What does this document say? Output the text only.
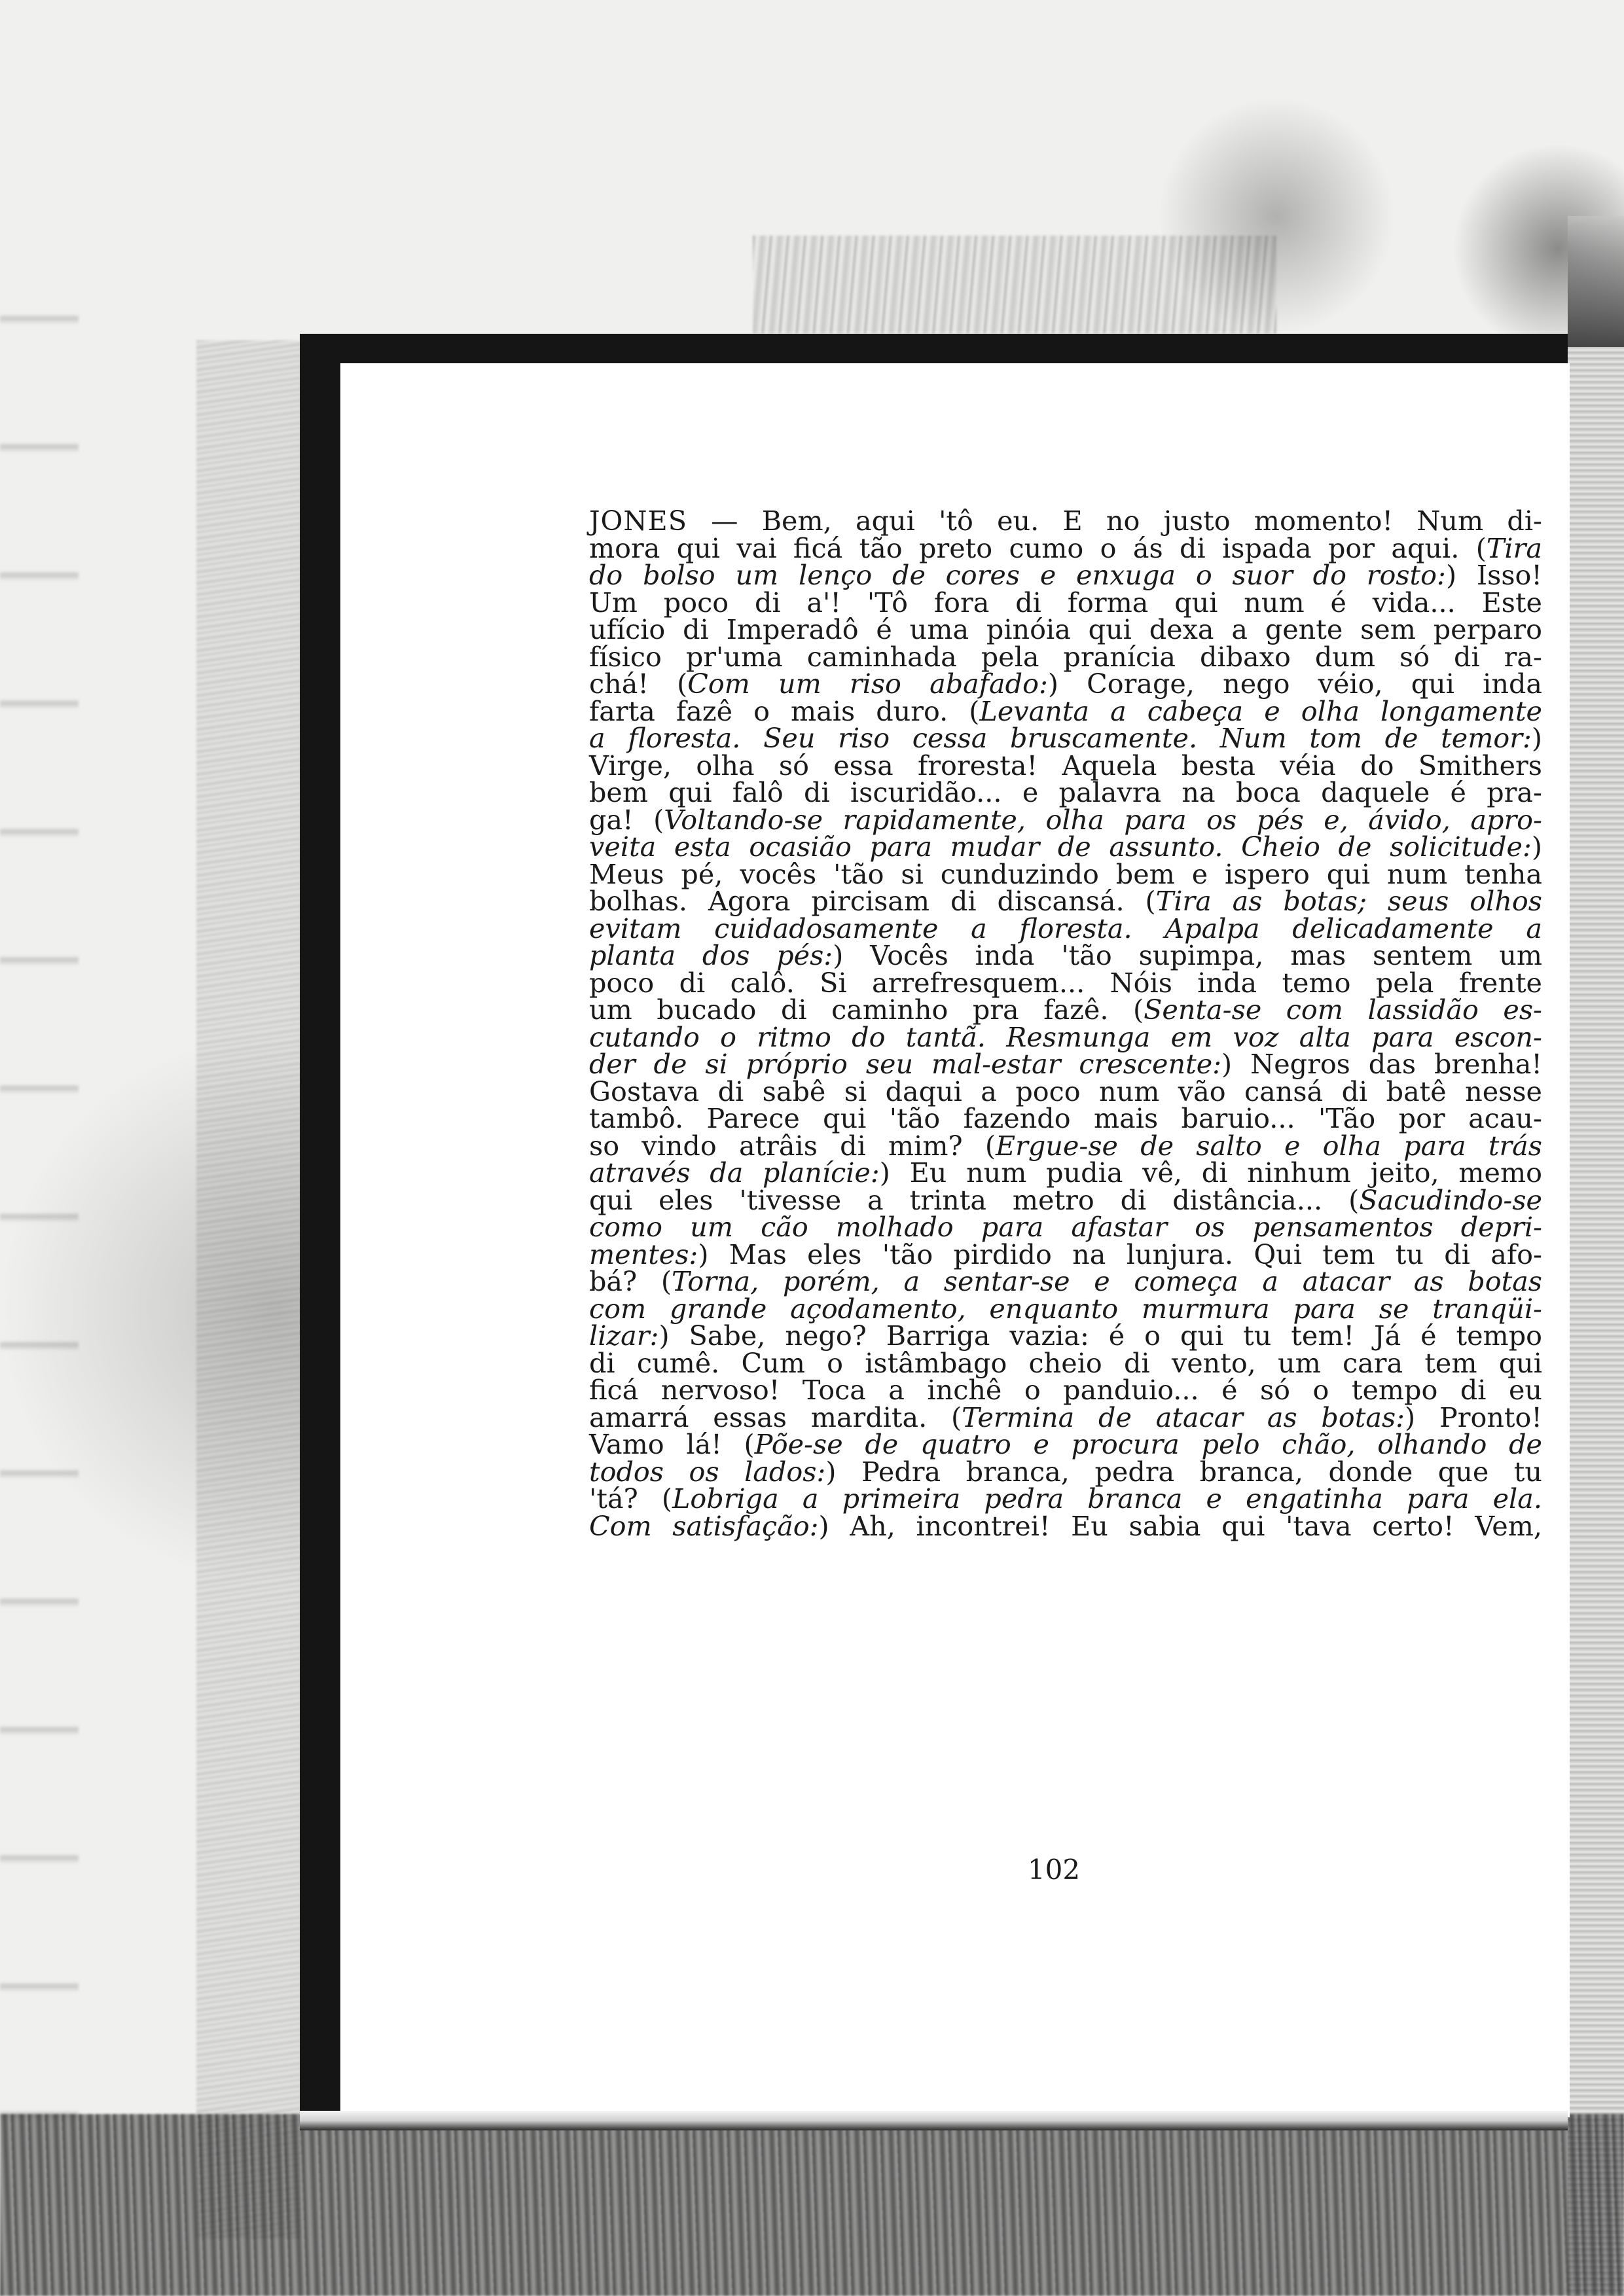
JONES — Bem, aqui 'tô eu. E no justo momento! Num di-
mora qui vai ficá tão preto cumo o ás di ispada por aqui. (Tira
do bolso um lenço de cores e enxuga o suor do rosto:) Isso!
Um poco di a'! 'Tô fora di forma qui num é vida... Este
ufício di Imperadô é uma pinóia qui dexa a gente sem perparo
físico pr'uma caminhada pela pranícia dibaxo dum só di ra-
chá! (Com um riso abafado:) Corage, nego véio, qui inda
farta fazê o mais duro. (Levanta a cabeça e olha longamente
a floresta. Seu riso cessa bruscamente. Num tom de temor:)
Virge, olha só essa froresta! Aquela besta véia do Smithers
bem qui falô di iscuridão... e palavra na boca daquele é pra-
ga! (Voltando-se rapidamente, olha para os pés e, ávido, apro-
veita esta ocasião para mudar de assunto. Cheio de solicitude:)
Meus pé, vocês 'tão si cunduzindo bem e ispero qui num tenha
bolhas. Agora pircisam di discansá. (Tira as botas; seus olhos
evitam cuidadosamente a floresta. Apalpa delicadamente a
planta dos pés:) Vocês inda 'tão supimpa, mas sentem um
poco di calô. Si arrefresquem... Nóis inda temo pela frente
um bucado di caminho pra fazê. (Senta-se com lassidão es-
cutando o ritmo do tantã. Resmunga em voz alta para escon-
der de si próprio seu mal-estar crescente:) Negros das brenha!
Gostava di sabê si daqui a poco num vão cansá di batê nesse
tambô. Parece qui 'tão fazendo mais baruio... 'Tão por acau-
so vindo atrâis di mim? (Ergue-se de salto e olha para trás
através da planície:) Eu num pudia vê, di ninhum jeito, memo
qui eles 'tivesse a trinta metro di distância... (Sacudindo-se
como um cão molhado para afastar os pensamentos depri-
mentes:) Mas eles 'tão pirdido na lunjura. Qui tem tu di afo-
bá? (Torna, porém, a sentar-se e começa a atacar as botas
com grande açodamento, enquanto murmura para se tranqüi-
lizar:) Sabe, nego? Barriga vazia: é o qui tu tem! Já é tempo
di cumê. Cum o istâmbago cheio di vento, um cara tem qui
ficá nervoso! Toca a inchê o panduio... é só o tempo di eu
amarrá essas mardita. (Termina de atacar as botas:) Pronto!
Vamo lá! (Põe-se de quatro e procura pelo chão, olhando de
todos os lados:) Pedra branca, pedra branca, donde que tu
'tá? (Lobriga a primeira pedra branca e engatinha para ela.
Com satisfação:) Ah, incontrei! Eu sabia qui 'tava certo! Vem,
102
